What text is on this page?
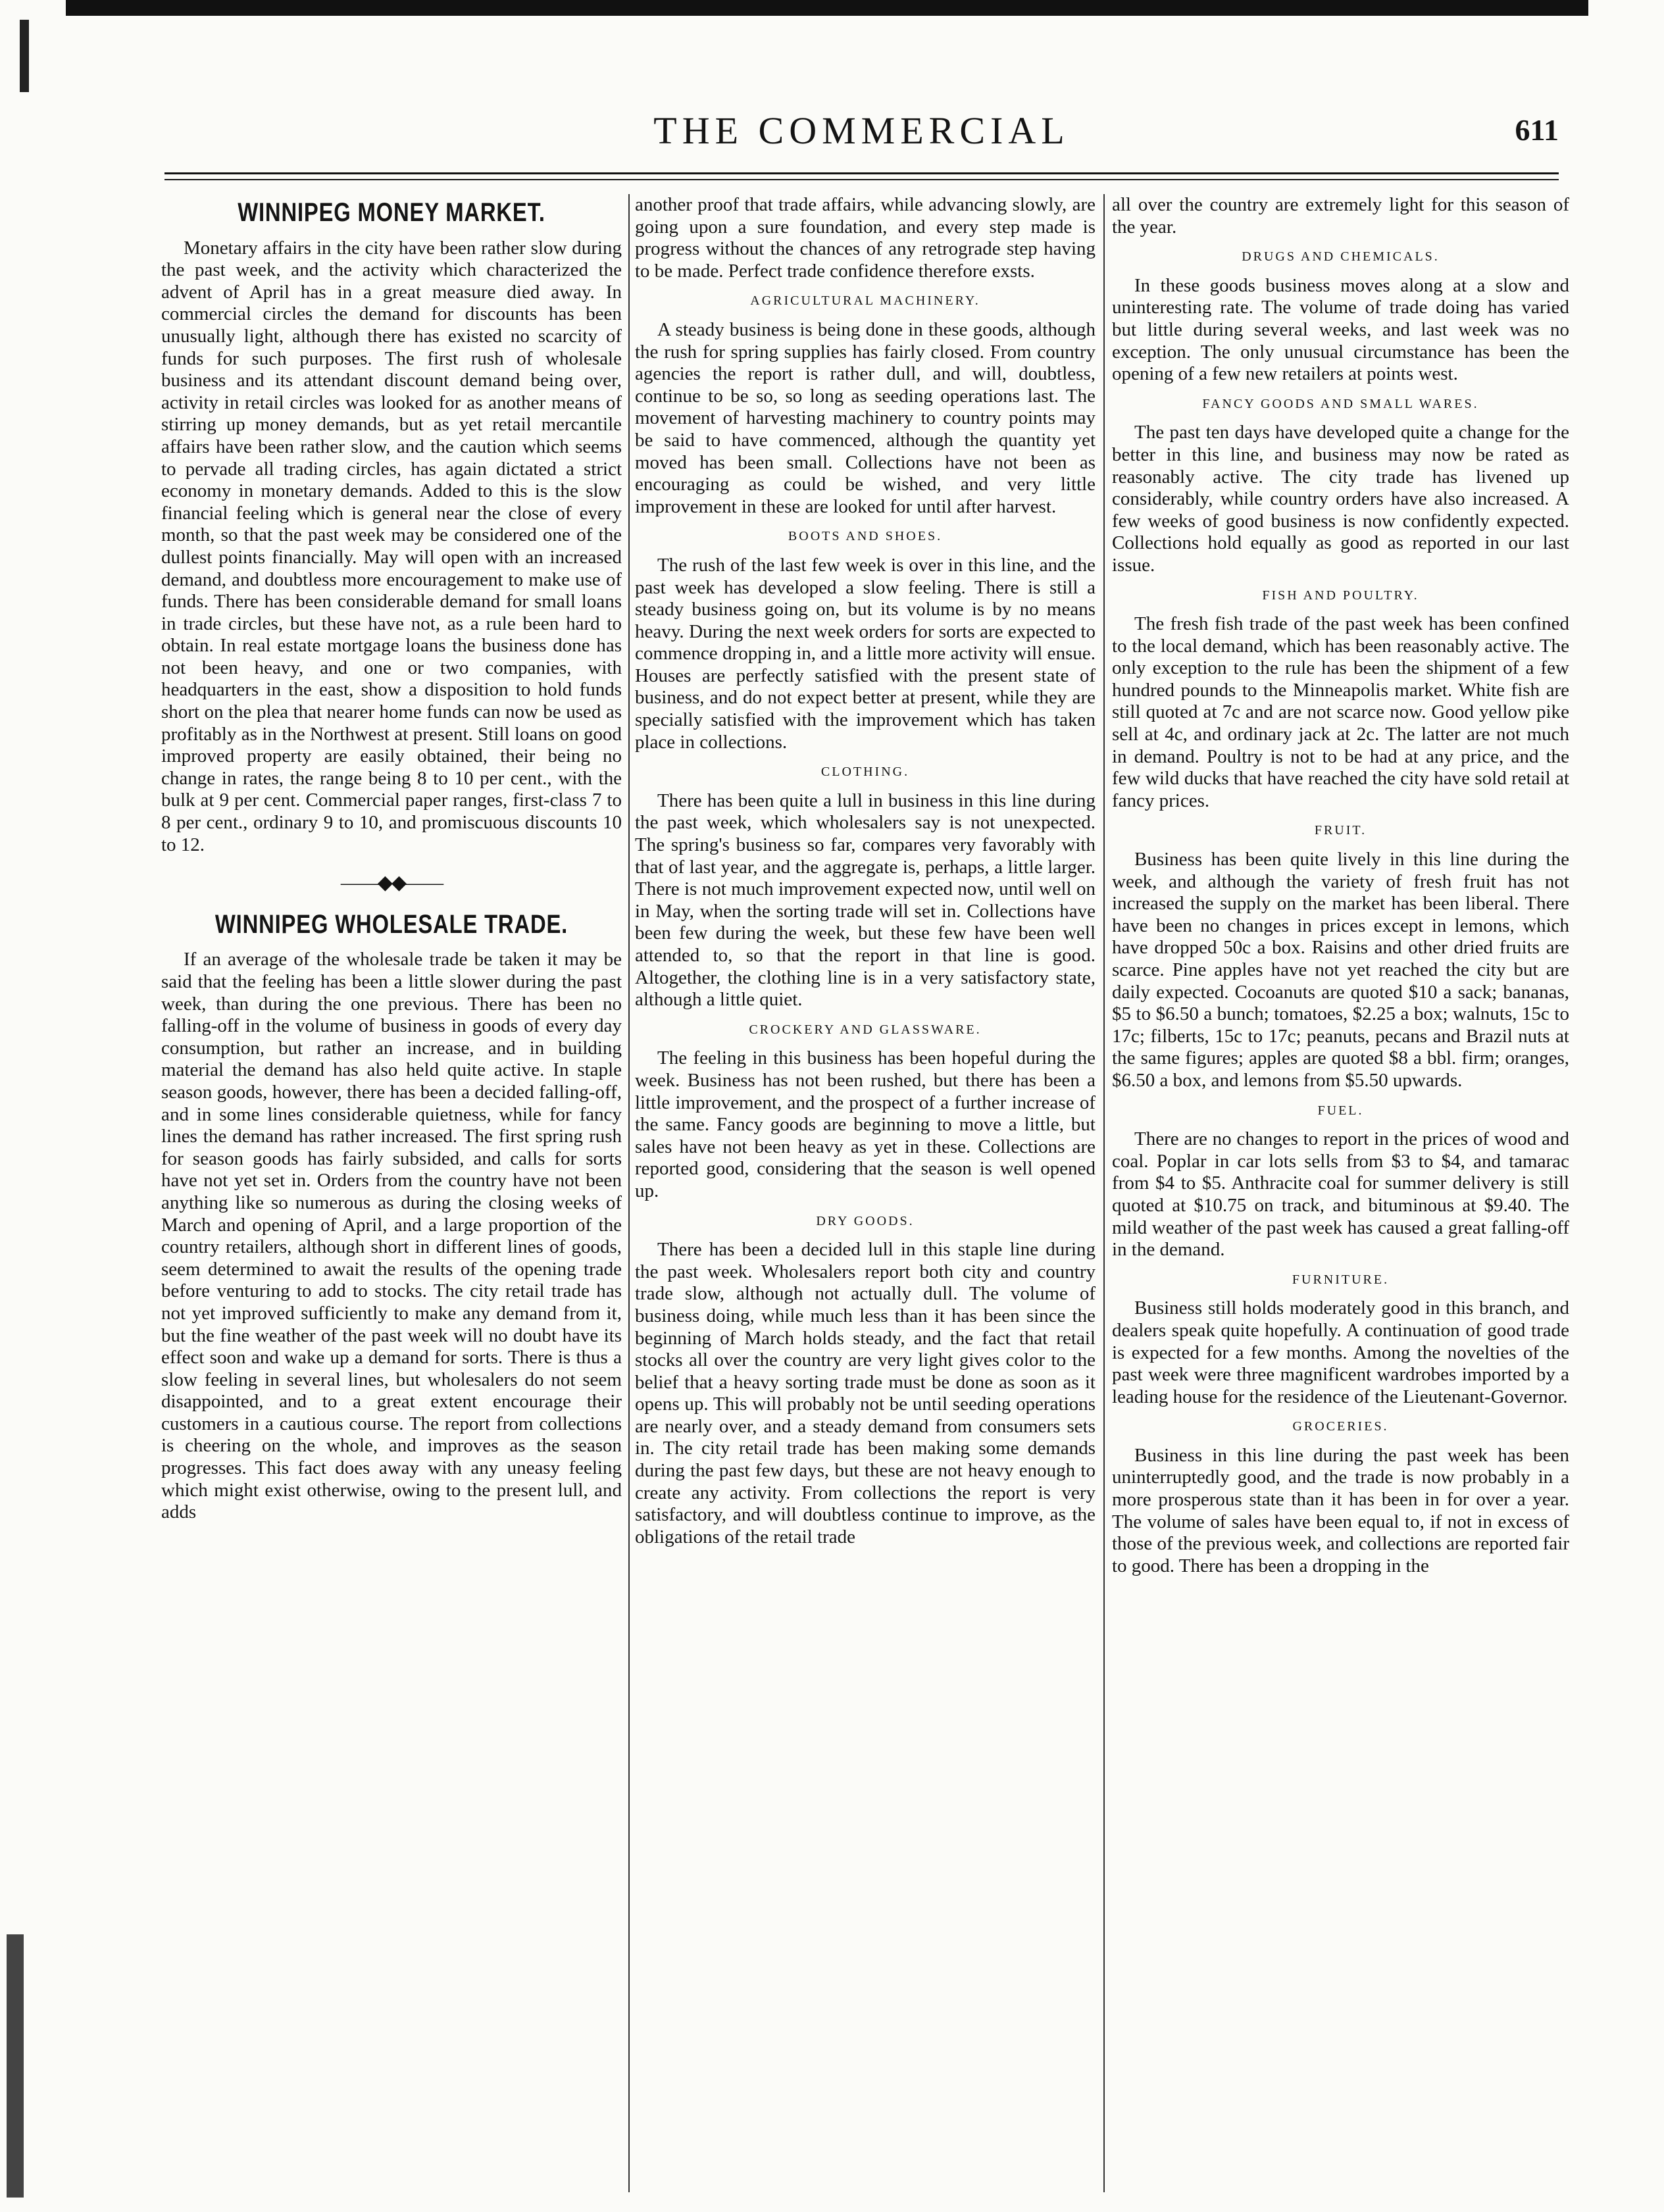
THE COMMERCIAL	611
WINNIPEG MONEY MARKET.

Monetary affairs in the city have been rather slow during the past week, and the activity which characterized the advent of April has in a great measure died away. In commercial circles the demand for discounts has been unusually light, although there has existed no scarcity of funds for such purposes. The first rush of wholesale business and its attendant discount demand being over, activity in retail circles was looked for as another means of stirring up money demands, but as yet retail mercantile affairs have been rather slow, and the caution which seems to pervade all trading circles, has again dictated a strict economy in monetary demands. Added to this is the slow financial feeling which is general near the close of every month, so that the past week may be considered one of the dullest points financially. May will open with an increased demand, and doubtless more encouragement to make use of funds. There has been considerable demand for small loans in trade circles, but these have not, as a rule been hard to obtain. In real estate mortgage loans the business done has not been heavy, and one or two companies, with headquarters in the east, show a disposition to hold funds short on the plea that nearer home funds can now be used as profitably as in the Northwest at present. Still loans on good improved property are easily obtained, their being no change in rates, the range being 8 to 10 per cent., with the bulk at 9 per cent. Commercial paper ranges, first-class 7 to 8 per cent., ordinary 9 to 10, and promiscuous discounts 10 to 12.

——◆◆——
WINNIPEG WHOLESALE TRADE.

If an average of the wholesale trade be taken it may be said that the feeling has been a little slower during the past week, than during the one previous. There has been no falling-off in the volume of business in goods of every day consumption, but rather an increase, and in building material the demand has also held quite active. In staple season goods, however, there has been a decided falling-off, and in some lines considerable quietness, while for fancy lines the demand has rather increased. The first spring rush for season goods has fairly subsided, and calls for sorts have not yet set in. Orders from the country have not been anything like so numerous as during the closing weeks of March and opening of April, and a large proportion of the country retailers, although short in different lines of goods, seem determined to await the results of the opening trade before venturing to add to stocks. The city retail trade has not yet improved sufficiently to make any demand from it, but the fine weather of the past week will no doubt have its effect soon and wake up a demand for sorts. There is thus a slow feeling in several lines, but wholesalers do not seem disappointed, and to a great extent encourage their customers in a cautious course. The report from collections is cheering on the whole, and improves as the season progresses. This fact does away with any uneasy feeling which might exist otherwise, owing to the present lull, and adds

another proof that trade affairs, while advancing slowly, are going upon a sure foundation, and every step made is progress without the chances of any retrograde step having to be made. Perfect trade confidence therefore exsts.

AGRICULTURAL MACHINERY.

A steady business is being done in these goods, although the rush for spring supplies has fairly closed. From country agencies the report is rather dull, and will, doubtless, continue to be so, so long as seeding operations last. The movement of harvesting machinery to country points may be said to have commenced, although the quantity yet moved has been small. Collections have not been as encouraging as could be wished, and very little improvement in these are looked for until after harvest.

BOOTS AND SHOES.

The rush of the last few week is over in this line, and the past week has developed a slow feeling. There is still a steady business going on, but its volume is by no means heavy. During the next week orders for sorts are expected to commence dropping in, and a little more activity will ensue. Houses are perfectly satisfied with the present state of business, and do not expect better at present, while they are specially satisfied with the improvement which has taken place in collections.

CLOTHING.

There has been quite a lull in business in this line during the past week, which wholesalers say is not unexpected. The spring's business so far, compares very favorably with that of last year, and the aggregate is, perhaps, a little larger. There is not much improvement expected now, until well on in May, when the sorting trade will set in. Collections have been few during the week, but these few have been well attended to, so that the report in that line is good. Altogether, the clothing line is in a very satisfactory state, although a little quiet.

CROCKERY AND GLASSWARE.

The feeling in this business has been hopeful during the week. Business has not been rushed, but there has been a little improvement, and the prospect of a further increase of the same. Fancy goods are beginning to move a little, but sales have not been heavy as yet in these. Collections are reported good, considering that the season is well opened up.

DRY GOODS.

There has been a decided lull in this staple line during the past week. Wholesalers report both city and country trade slow, although not actually dull. The volume of business doing, while much less than it has been since the beginning of March holds steady, and the fact that retail stocks all over the country are very light gives color to the belief that a heavy sorting trade must be done as soon as it opens up. This will probably not be until seeding operations are nearly over, and a steady demand from consumers sets in. The city retail trade has been making some demands during the past few days, but these are not heavy enough to create any activity. From collections the report is very satisfactory, and will doubtless continue to improve, as the obligations of the retail trade

all over the country are extremely light for this season of the year.

DRUGS AND CHEMICALS.

In these goods business moves along at a slow and uninteresting rate. The volume of trade doing has varied but little during several weeks, and last week was no exception. The only unusual circumstance has been the opening of a few new retailers at points west.

FANCY GOODS AND SMALL WARES.

The past ten days have developed quite a change for the better in this line, and business may now be rated as reasonably active. The city trade has livened up considerably, while country orders have also increased. A few weeks of good business is now confidently expected. Collections hold equally as good as reported in our last issue.

FISH AND POULTRY.

The fresh fish trade of the past week has been confined to the local demand, which has been reasonably active. The only exception to the rule has been the shipment of a few hundred pounds to the Minneapolis market. White fish are still quoted at 7c and are not scarce now. Good yellow pike sell at 4c, and ordinary jack at 2c. The latter are not much in demand. Poultry is not to be had at any price, and the few wild ducks that have reached the city have sold retail at fancy prices.

FRUIT.

Business has been quite lively in this line during the week, and although the variety of fresh fruit has not increased the supply on the market has been liberal. There have been no changes in prices except in lemons, which have dropped 50c a box. Raisins and other dried fruits are scarce. Pine apples have not yet reached the city but are daily expected. Cocoanuts are quoted $10 a sack; bananas, $5 to $6.50 a bunch; tomatoes, $2.25 a box; walnuts, 15c to 17c; filberts, 15c to 17c; peanuts, pecans and Brazil nuts at the same figures; apples are quoted $8 a bbl. firm; oranges, $6.50 a box, and lemons from $5.50 upwards.

FUEL.

There are no changes to report in the prices of wood and coal. Poplar in car lots sells from $3 to $4, and tamarac from $4 to $5. Anthracite coal for summer delivery is still quoted at $10.75 on track, and bituminous at $9.40. The mild weather of the past week has caused a great falling-off in the demand.

FURNITURE.

Business still holds moderately good in this branch, and dealers speak quite hopefully. A continuation of good trade is expected for a few months. Among the novelties of the past week were three magnificent wardrobes imported by a leading house for the residence of the Lieutenant-Governor.

GROCERIES.

Business in this line during the past week has been uninterruptedly good, and the trade is now probably in a more prosperous state than it has been in for over a year. The volume of sales have been equal to, if not in excess of those of the previous week, and collections are reported fair to good. There has been a dropping in the
